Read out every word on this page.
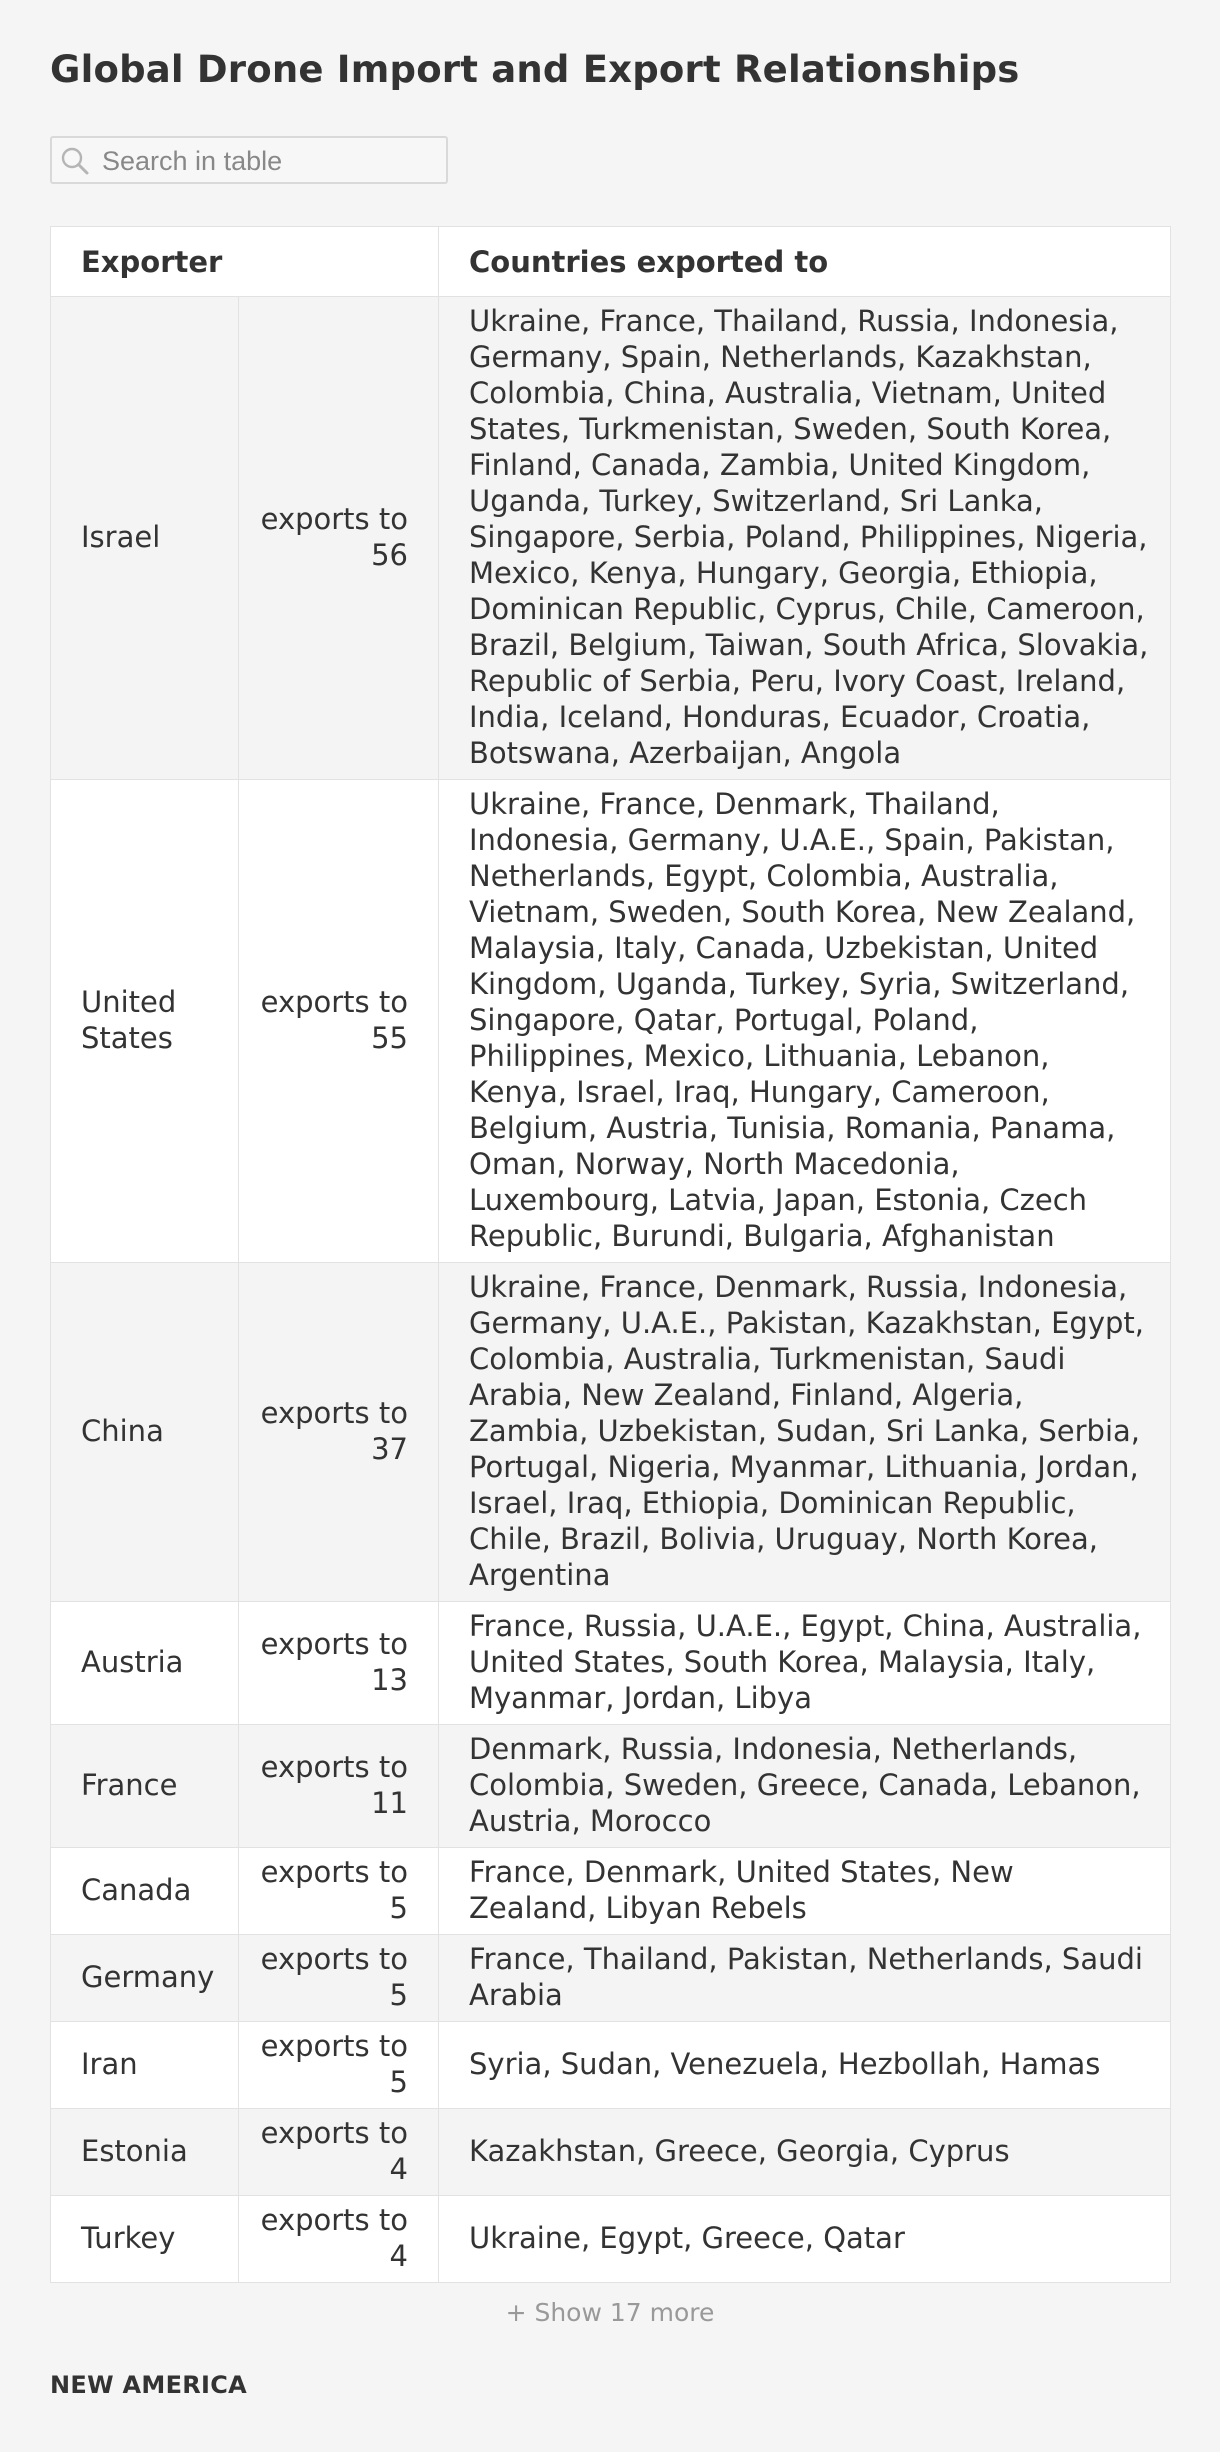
Global Drone Import and Export Relationships
Search in table
Exporter		Countries exported to
Israel	exports to 56	Ukraine, France, Thailand, Russia, Indonesia, Germany, Spain, Netherlands, Kazakhstan, Colombia, China, Australia, Vietnam, United States, Turkmenistan, Sweden, South Korea, Finland, Canada, Zambia, United Kingdom, Uganda, Turkey, Switzerland, Sri Lanka, Singapore, Serbia, Poland, Philippines, Nigeria, Mexico, Kenya, Hungary, Georgia, Ethiopia, Dominican Republic, Cyprus, Chile, Cameroon, Brazil, Belgium, Taiwan, South Africa, Slovakia, Republic of Serbia, Peru, Ivory Coast, Ireland, India, Iceland, Honduras, Ecuador, Croatia, Botswana, Azerbaijan, Angola
United States	exports to 55	Ukraine, France, Denmark, Thailand, Indonesia, Germany, U.A.E., Spain, Pakistan, Netherlands, Egypt, Colombia, Australia, Vietnam, Sweden, South Korea, New Zealand, Malaysia, Italy, Canada, Uzbekistan, United Kingdom, Uganda, Turkey, Syria, Switzerland, Singapore, Qatar, Portugal, Poland, Philippines, Mexico, Lithuania, Lebanon, Kenya, Israel, Iraq, Hungary, Cameroon, Belgium, Austria, Tunisia, Romania, Panama, Oman, Norway, North Macedonia, Luxembourg, Latvia, Japan, Estonia, Czech Republic, Burundi, Bulgaria, Afghanistan
China	exports to 37	Ukraine, France, Denmark, Russia, Indonesia, Germany, U.A.E., Pakistan, Kazakhstan, Egypt, Colombia, Australia, Turkmenistan, Saudi Arabia, New Zealand, Finland, Algeria, Zambia, Uzbekistan, Sudan, Sri Lanka, Serbia, Portugal, Nigeria, Myanmar, Lithuania, Jordan, Israel, Iraq, Ethiopia, Dominican Republic, Chile, Brazil, Bolivia, Uruguay, North Korea, Argentina
Austria	exports to 13	France, Russia, U.A.E., Egypt, China, Australia, United States, South Korea, Malaysia, Italy, Myanmar, Jordan, Libya
France	exports to 11	Denmark, Russia, Indonesia, Netherlands, Colombia, Sweden, Greece, Canada, Lebanon, Austria, Morocco
Canada	exports to 5	France, Denmark, United States, New Zealand, Libyan Rebels
Germany	exports to 5	France, Thailand, Pakistan, Netherlands, Saudi Arabia
Iran	exports to 5	Syria, Sudan, Venezuela, Hezbollah, Hamas
Estonia	exports to 4	Kazakhstan, Greece, Georgia, Cyprus
Turkey	exports to 4	Ukraine, Egypt, Greece, Qatar
+ Show 17 more
NEW AMERICA
